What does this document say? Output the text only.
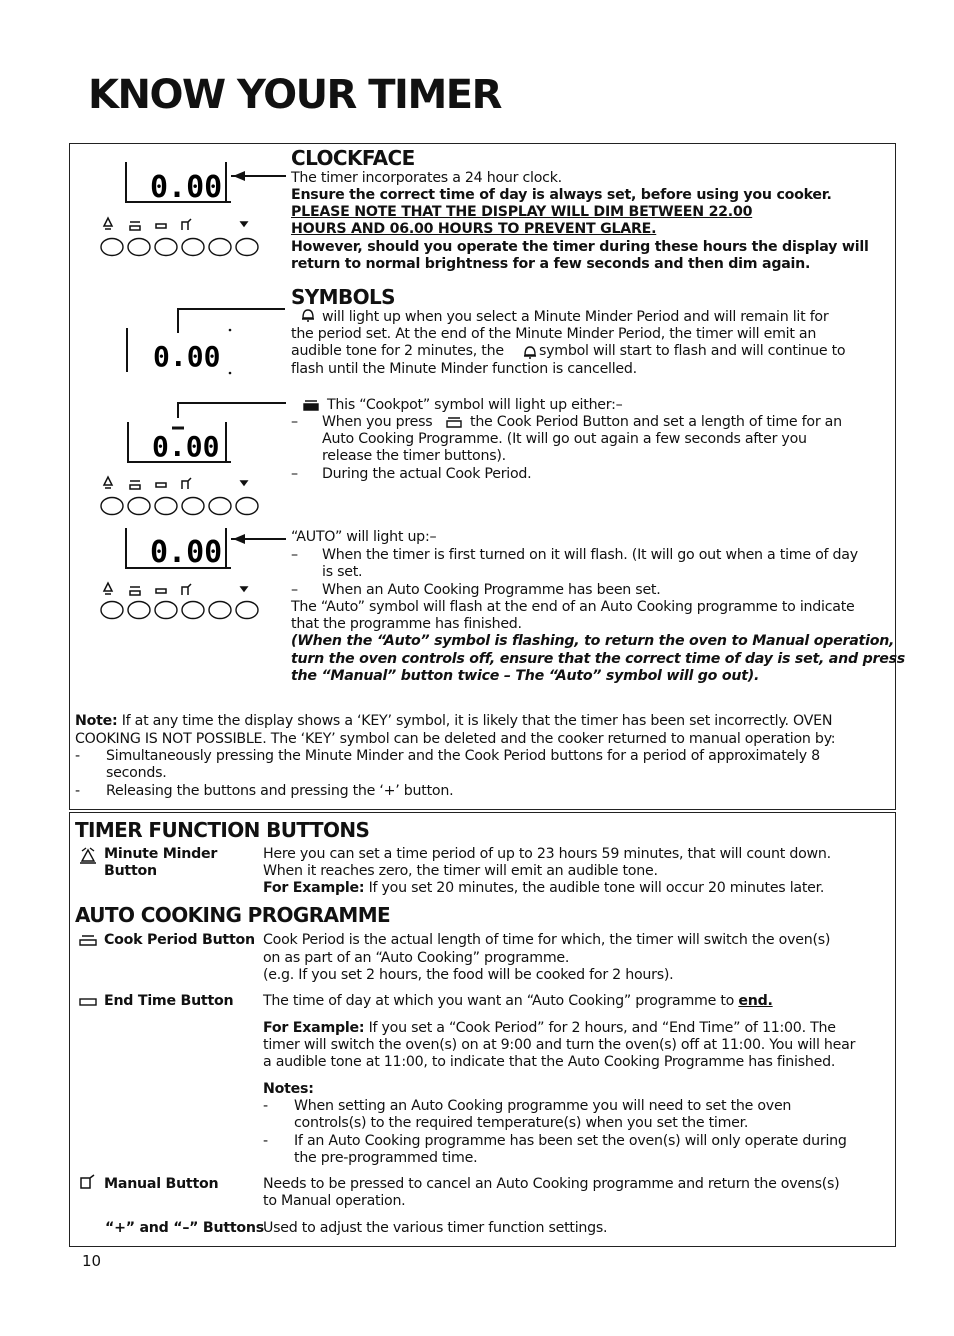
KNOW YOUR TIMER
0.00
0.00
0.00
0.00
CLOCKFACE
The timer incorporates a 24 hour clock.
Ensure the correct time of day is always set, before using you cooker.
PLEASE NOTE THAT THE DISPLAY WILL DIM BETWEEN 22.00
HOURS AND 06.00 HOURS TO PREVENT GLARE.
However, should you operate the timer during these hours the display will
return to normal brightness for a few seconds and then dim again.
SYMBOLS
will light up when you select a Minute Minder Period and will remain lit for
the period set. At the end of the Minute Minder Period, the timer will emit an
audible tone for 2 minutes, the symbol will start to flash and will continue to
flash until the Minute Minder function is cancelled.
This “Cookpot” symbol will light up either:–
– When you press	the Cook Period Button and set a length of time for an
Auto Cooking Programme. (It will go out again a few seconds after you
release the timer buttons).
– During the actual Cook Period.
“AUTO” will light up:–
– When the timer is first turned on it will flash. (It will go out when a time of day
is set.
– When an Auto Cooking Programme has been set.
The “Auto” symbol will flash at the end of an Auto Cooking programme to indicate
that the programme has finished.
(When the “Auto” symbol is flashing, to return the oven to Manual operation,
turn the oven controls off, ensure that the correct time of day is set, and press
the “Manual” button twice – The “Auto” symbol will go out).
Note: If at any time the display shows a ‘KEY’ symbol, it is likely that the timer has been set incorrectly. OVEN
COOKING IS NOT POSSIBLE. The ‘KEY’ symbol can be deleted and the cooker returned to manual operation by:
- Simultaneously pressing the Minute Minder and the Cook Period buttons for a period of approximately 8
seconds.
- Releasing the buttons and pressing the ‘+’ button.
TIMER FUNCTION BUTTONS
Minute Minder
Button
Here you can set a time period of up to 23 hours 59 minutes, that will count down.
When it reaches zero, the timer will emit an audible tone.
For Example: If you set 20 minutes, the audible tone will occur 20 minutes later.
AUTO COOKING PROGRAMME
Cook Period Button Cook Period is the actual length of time for which, the timer will switch the oven(s)
on as part of an “Auto Cooking” programme.
(e.g. If you set 2 hours, the food will be cooked for 2 hours).
End Time Button The time of day at which you want an “Auto Cooking” programme to end.
For Example: If you set a “Cook Period” for 2 hours, and “End Time” of 11:00. The
timer will switch the oven(s) on at 9:00 and turn the oven(s) off at 11:00. You will hear
a audible tone at 11:00, to indicate that the Auto Cooking Programme has finished.
Notes:
- When setting an Auto Cooking programme you will need to set the oven
controls(s) to the required temperature(s) when you set the timer.
- If an Auto Cooking programme has been set the oven(s) will only operate during
the pre-programmed time.
Manual Button	Needs to be pressed to cancel an Auto Cooking programme and return the ovens(s)
to Manual operation.
“+” and “–” Buttons Used to adjust the various timer function settings.
10
